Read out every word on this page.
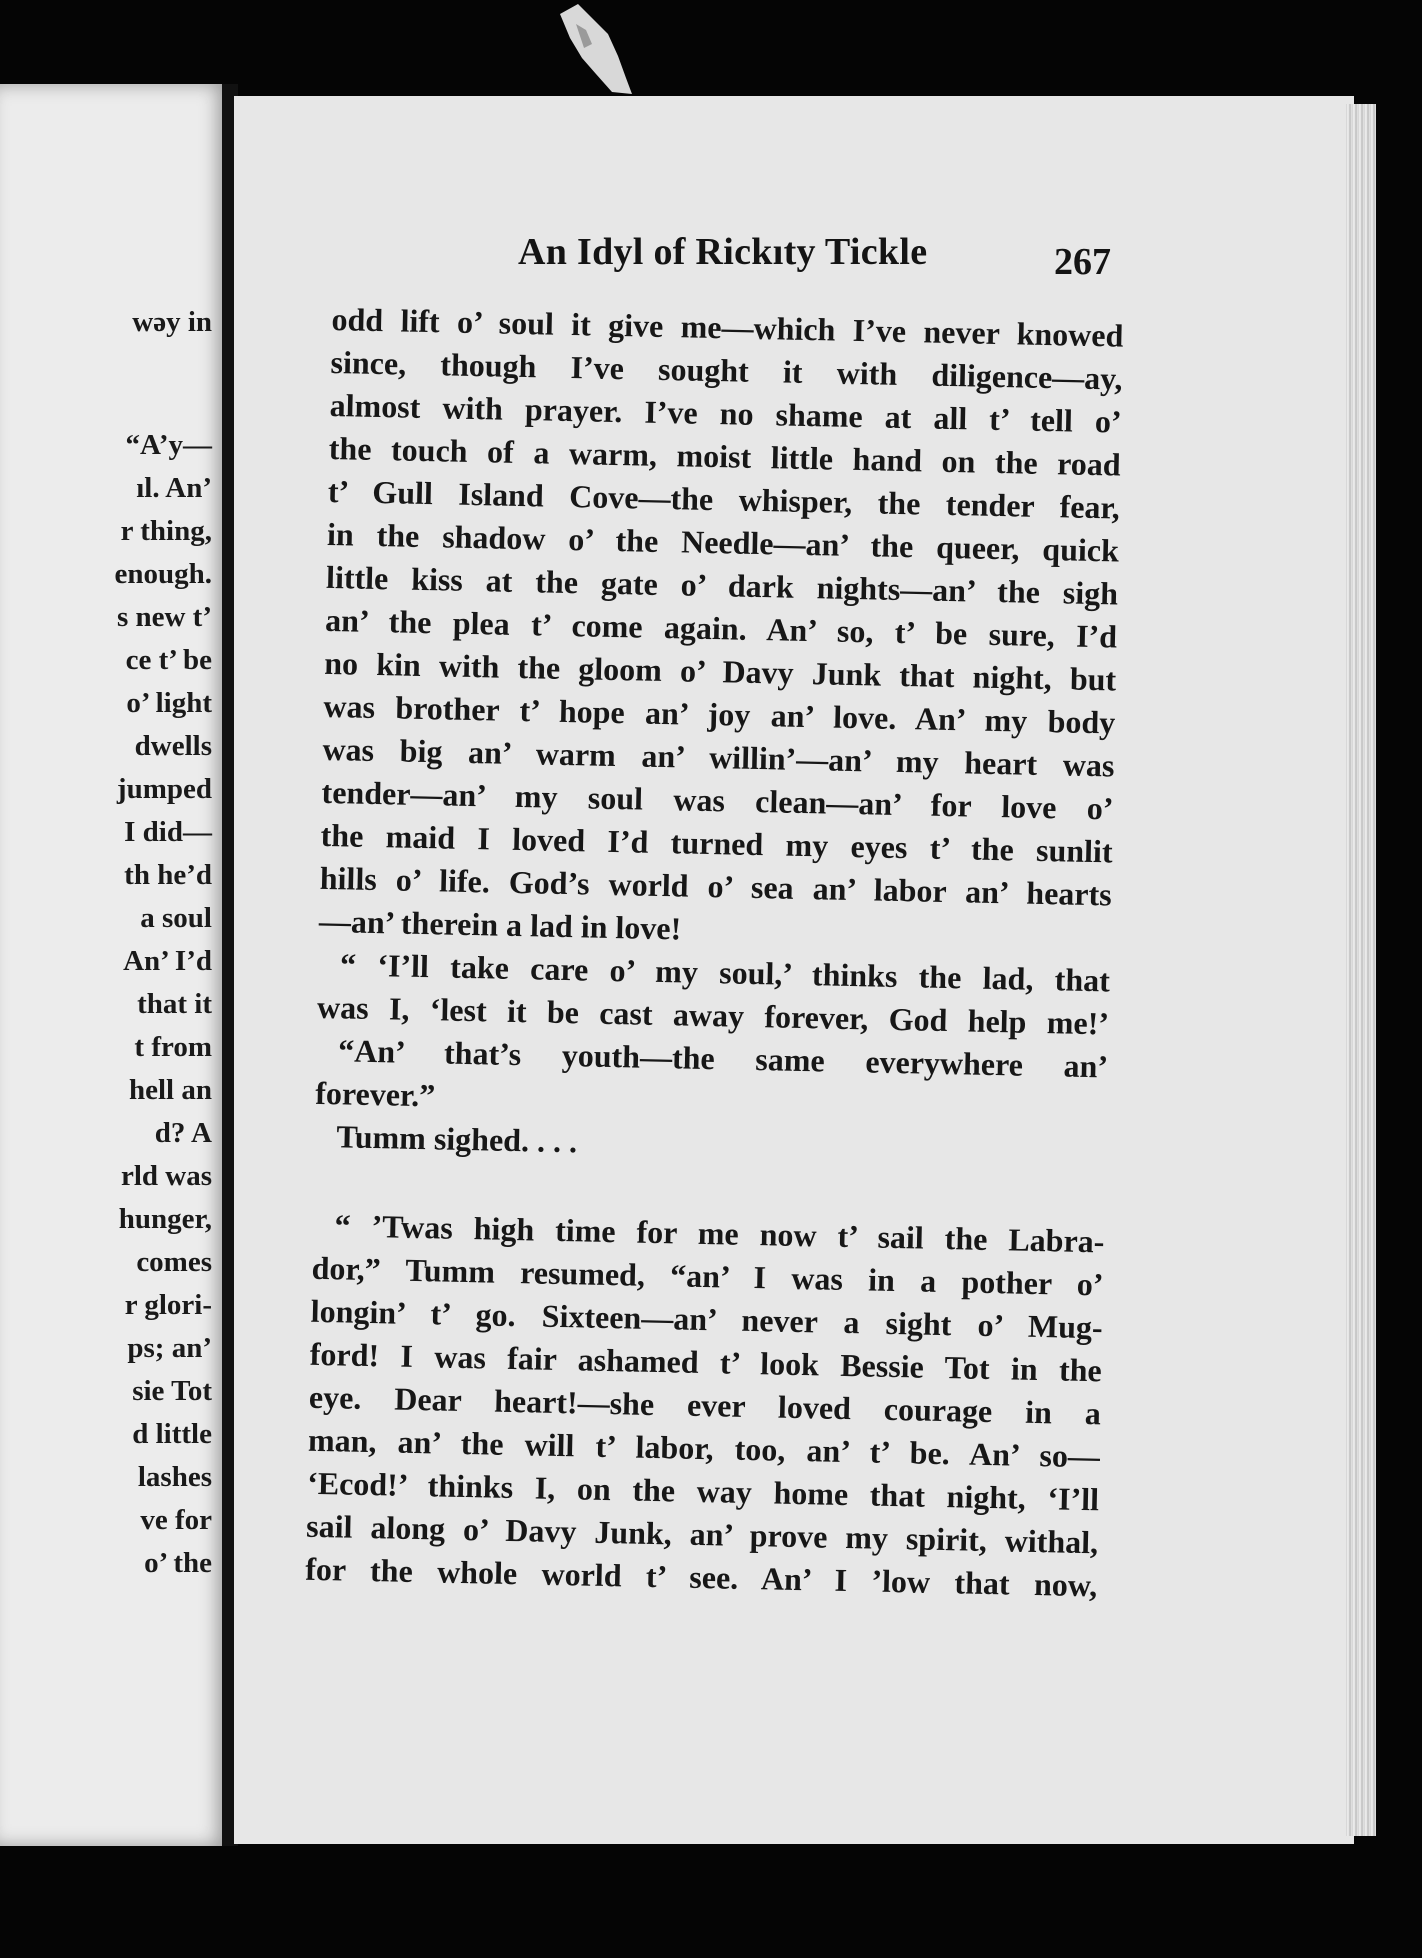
wəy in
“A’y—
ıl. An’
r thing,
enough.
s new t’
ce t’ be
o’ light
dwells
jumped
I did—
th he’d
a soul
An’ I’d
that it
t from
hell an
d? A
rld was
hunger,
comes
r glori-
ps; an’
sie Tot
d little
lashes
ve for
o’ the
An Idyl of Rickıty Tickle	267
odd lift o’ soul it give me—which I’ve never knowed
since, though I’ve sought it with diligence—ay,
almost with prayer. I’ve no shame at all t’ tell o’
the touch of a warm, moist little hand on the road
t’ Gull Island Cove—the whisper, the tender fear,
in the shadow o’ the Needle—an’ the queer, quick
little kiss at the gate o’ dark nights—an’ the sigh
an’ the plea t’ come again. An’ so, t’ be sure, I’d
no kin with the gloom o’ Davy Junk that night, but
was brother t’ hope an’ joy an’ love. An’ my body
was big an’ warm an’ willin’—an’ my heart was
tender—an’ my soul was clean—an’ for love o’
the maid I loved I’d turned my eyes t’ the sunlit
hills o’ life. God’s world o’ sea an’ labor an’ hearts
—an’ therein a lad in love!
“ ‘I’ll take care o’ my soul,’ thinks the lad, that
was I, ‘lest it be cast away forever, God help me!’
“An’ that’s youth—the same everywhere an’
forever.”
Tumm sighed. . . .
“ ’Twas high time for me now t’ sail the Labra-
dor,” Tumm resumed, “an’ I was in a pother o’
longin’ t’ go. Sixteen—an’ never a sight o’ Mug-
ford! I was fair ashamed t’ look Bessie Tot in the
eye. Dear heart!—she ever loved courage in a
man, an’ the will t’ labor, too, an’ t’ be. An’ so—
‘Ecod!’ thinks I, on the way home that night, ‘I’ll
sail along o’ Davy Junk, an’ prove my spirit, withal,
for the whole world t’ see. An’ I ’low that now,
